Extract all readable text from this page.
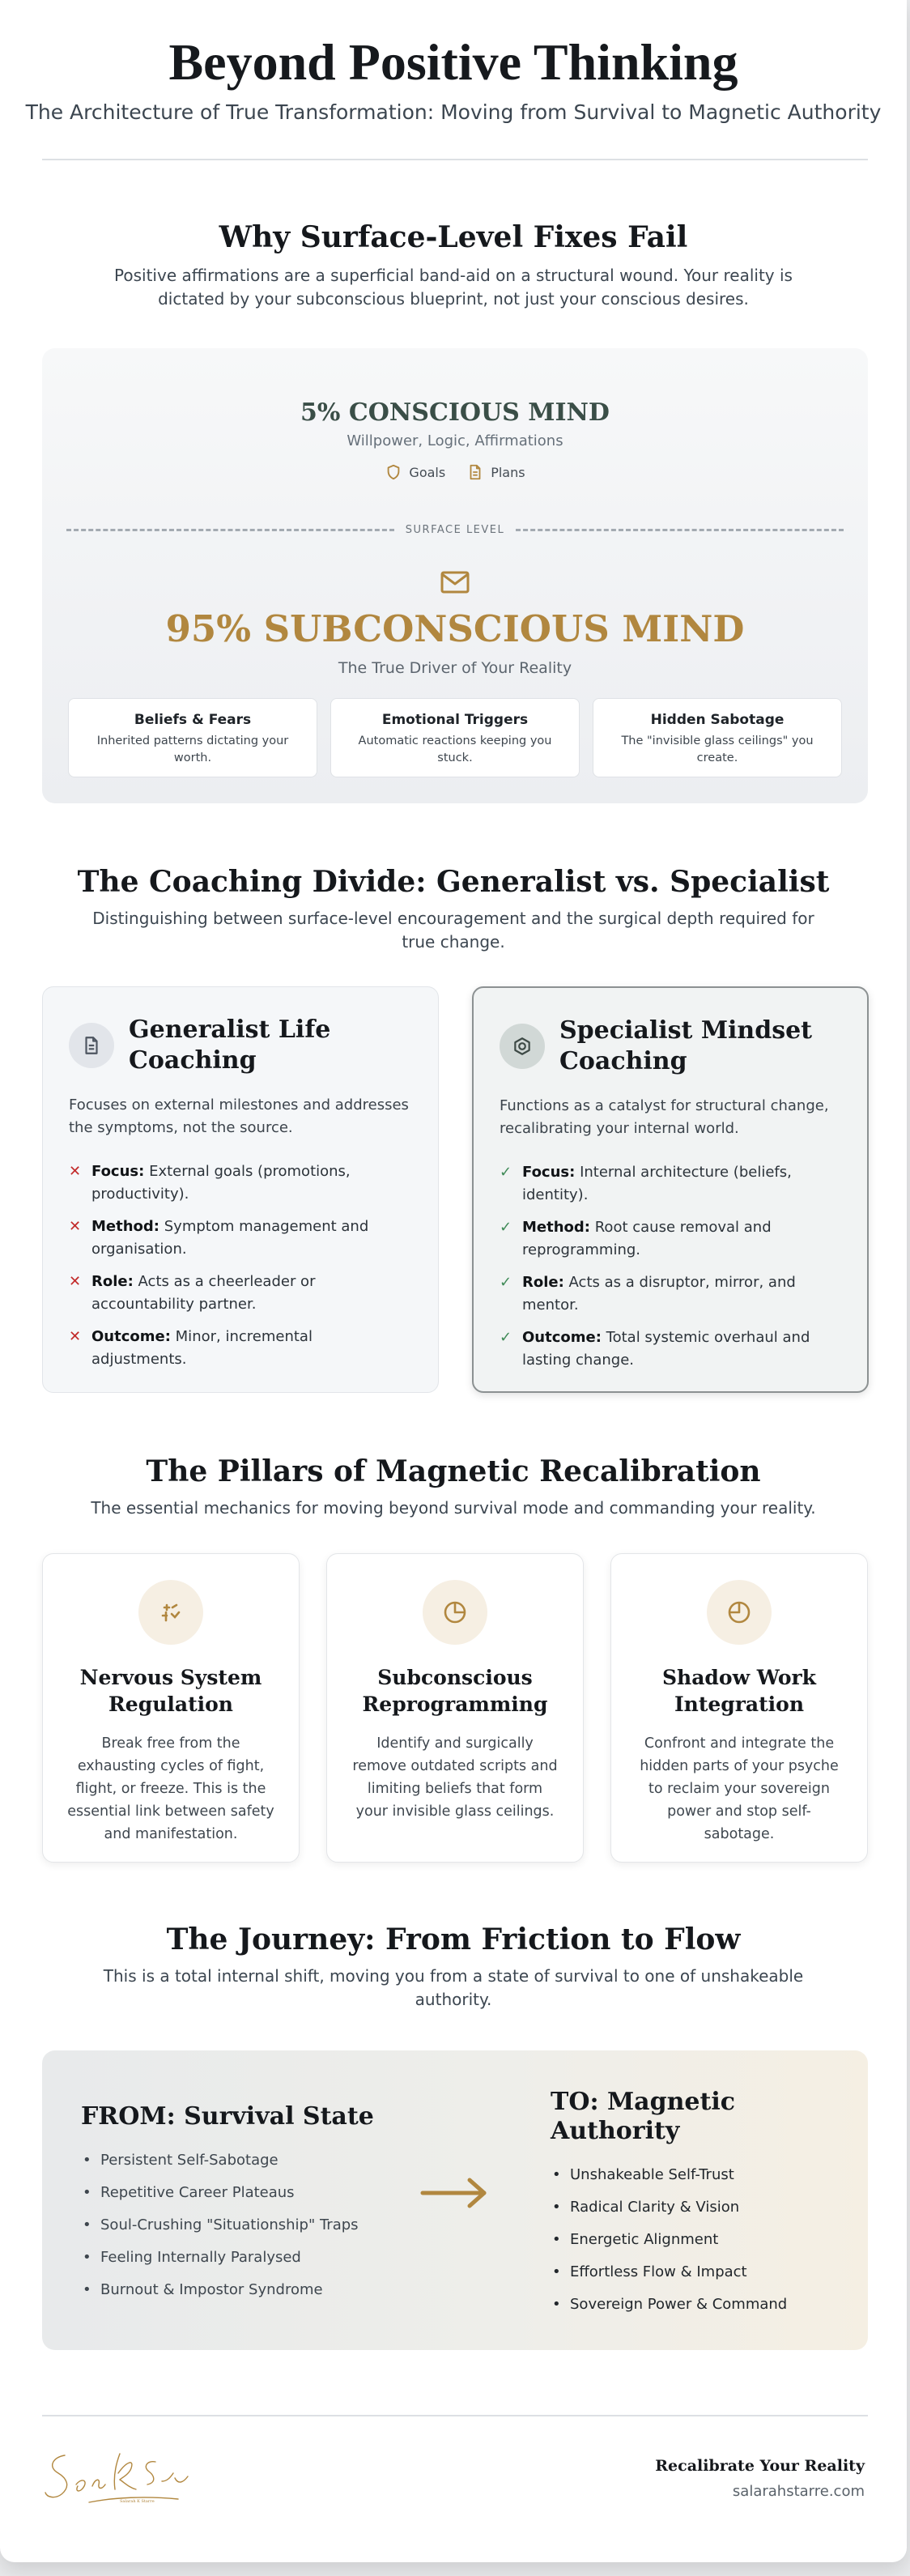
Beyond Positive Thinking

The Architecture of True Transformation: Moving from Survival to Magnetic Authority

Why Surface-Level Fixes Fail

Positive affirmations are a superficial band-aid on a structural wound. Your reality is dictated by your subconscious blueprint, not just your conscious desires.

5% CONSCIOUS MIND
Willpower, Logic, Affirmations
Goals	Plans
SURFACE LEVEL
95% SUBCONSCIOUS MIND
The True Driver of Your Reality
Beliefs & Fears
Inherited patterns dictating your worth.
Emotional Triggers
Automatic reactions keeping you stuck.
Hidden Sabotage
The "invisible glass ceilings" you create.
The Coaching Divide: Generalist vs. Specialist

Distinguishing between surface-level encouragement and the surgical depth required for true change.

Generalist Life Coaching

Focuses on external milestones and addresses the symptoms, not the source.

✕ Focus: External goals (promotions, productivity).
✕ Method: Symptom management and organisation.
✕ Role: Acts as a cheerleader or accountability partner.
✕ Outcome: Minor, incremental adjustments.
Specialist Mindset Coaching

Functions as a catalyst for structural change, recalibrating your internal world.

✓ Focus: Internal architecture (beliefs, identity).
✓ Method: Root cause removal and reprogramming.
✓ Role: Acts as a disruptor, mirror, and mentor.
✓ Outcome: Total systemic overhaul and lasting change.
The Pillars of Magnetic Recalibration

The essential mechanics for moving beyond survival mode and commanding your reality.

Nervous System Regulation
Break free from the exhausting cycles of fight, flight, or freeze. This is the essential link between safety and manifestation.
Subconscious Reprogramming
Identify and surgically remove outdated scripts and limiting beliefs that form your invisible glass ceilings.
Shadow Work Integration
Confront and integrate the hidden parts of your psyche to reclaim your sovereign power and stop self-sabotage.
The Journey: From Friction to Flow

This is a total internal shift, moving you from a state of survival to one of unshakeable authority.

FROM: Survival State
• Persistent Self-Sabotage
• Repetitive Career Plateaus
• Soul-Crushing "Situationship" Traps
• Feeling Internally Paralysed
• Burnout & Impostor Syndrome
TO: Magnetic Authority
• Unshakeable Self-Trust
• Radical Clarity & Vision
• Energetic Alignment
• Effortless Flow & Impact
• Sovereign Power & Command
Salarah K Starre
Recalibrate Your Reality
salarahstarre.com
